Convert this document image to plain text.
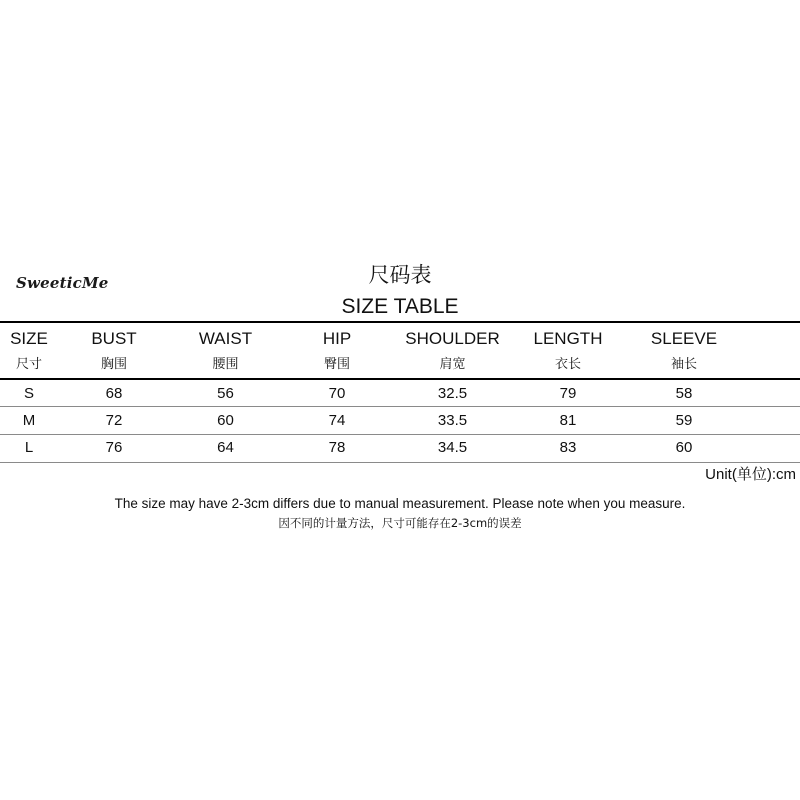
SweeticMe	尺码表
SIZE TABLE
SIZE	BUST	WAIST	HIP	SHOULDER	LENGTH	SLEEVE
尺寸	胸围	腰围	臀围	肩宽	衣长	袖长
S	68	56	70	32.5	79	58
M	72	60	74	33.5	81	59
L	76	64	78	34.5	83	60
Unit(单位):cm
The size may have 2-3cm differs due to manual measurement. Please note when you measure.
因不同的计量方法，尺寸可能存在2-3cm的误差
